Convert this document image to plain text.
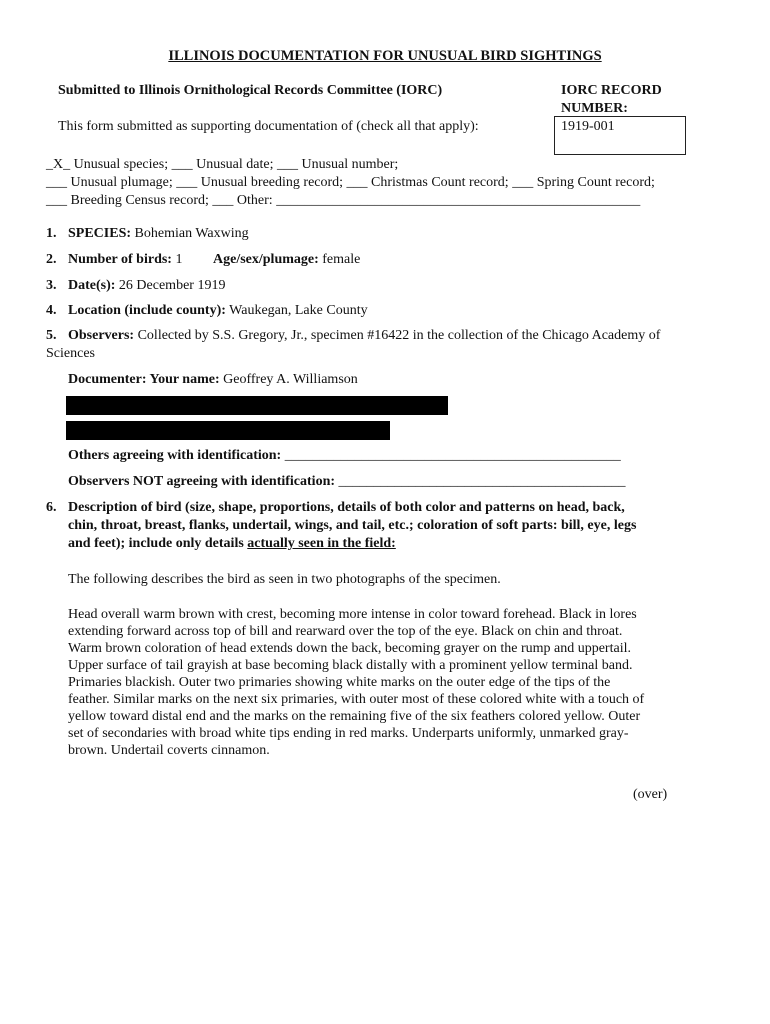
ILLINOIS DOCUMENTATION FOR UNUSUAL BIRD SIGHTINGS
Submitted to Illinois Ornithological Records Committee (IORC)	IORC RECORD
NUMBER:
1919-001
This form submitted as supporting documentation of (check all that apply):
_X_ Unusual species; ___ Unusual date; ___ Unusual number;
___ Unusual plumage; ___ Unusual breeding record; ___ Christmas Count record; ___ Spring Count record;
___ Breeding Census record; ___ Other: ____________________________________________________
1. SPECIES: Bohemian Waxwing
2. Number of birds: 1 Age/sex/plumage: female
3. Date(s): 26 December 1919
4. Location (include county): Waukegan, Lake County
5. Observers: Collected by S.S. Gregory, Jr., specimen #16422 in the collection of the Chicago Academy of
Sciences
Documenter: Your name: Geoffrey A. Williamson
Others agreeing with identification: ________________________________________________
Observers NOT agreeing with identification: _________________________________________
6. Description of bird (size, shape, proportions, details of both color and patterns on head, back,
chin, throat, breast, flanks, undertail, wings, and tail, etc.; coloration of soft parts: bill, eye, legs
and feet); include only details actually seen in the field:
The following describes the bird as seen in two photographs of the specimen.
Head overall warm brown with crest, becoming more intense in color toward forehead. Black in lores
extending forward across top of bill and rearward over the top of the eye. Black on chin and throat.
Warm brown coloration of head extends down the back, becoming grayer on the rump and uppertail.
Upper surface of tail grayish at base becoming black distally with a prominent yellow terminal band.
Primaries blackish. Outer two primaries showing white marks on the outer edge of the tips of the
feather. Similar marks on the next six primaries, with outer most of these colored white with a touch of
yellow toward distal end and the marks on the remaining five of the six feathers colored yellow. Outer
set of secondaries with broad white tips ending in red marks. Underparts uniformly, unmarked gray-
brown. Undertail coverts cinnamon.
(over)
